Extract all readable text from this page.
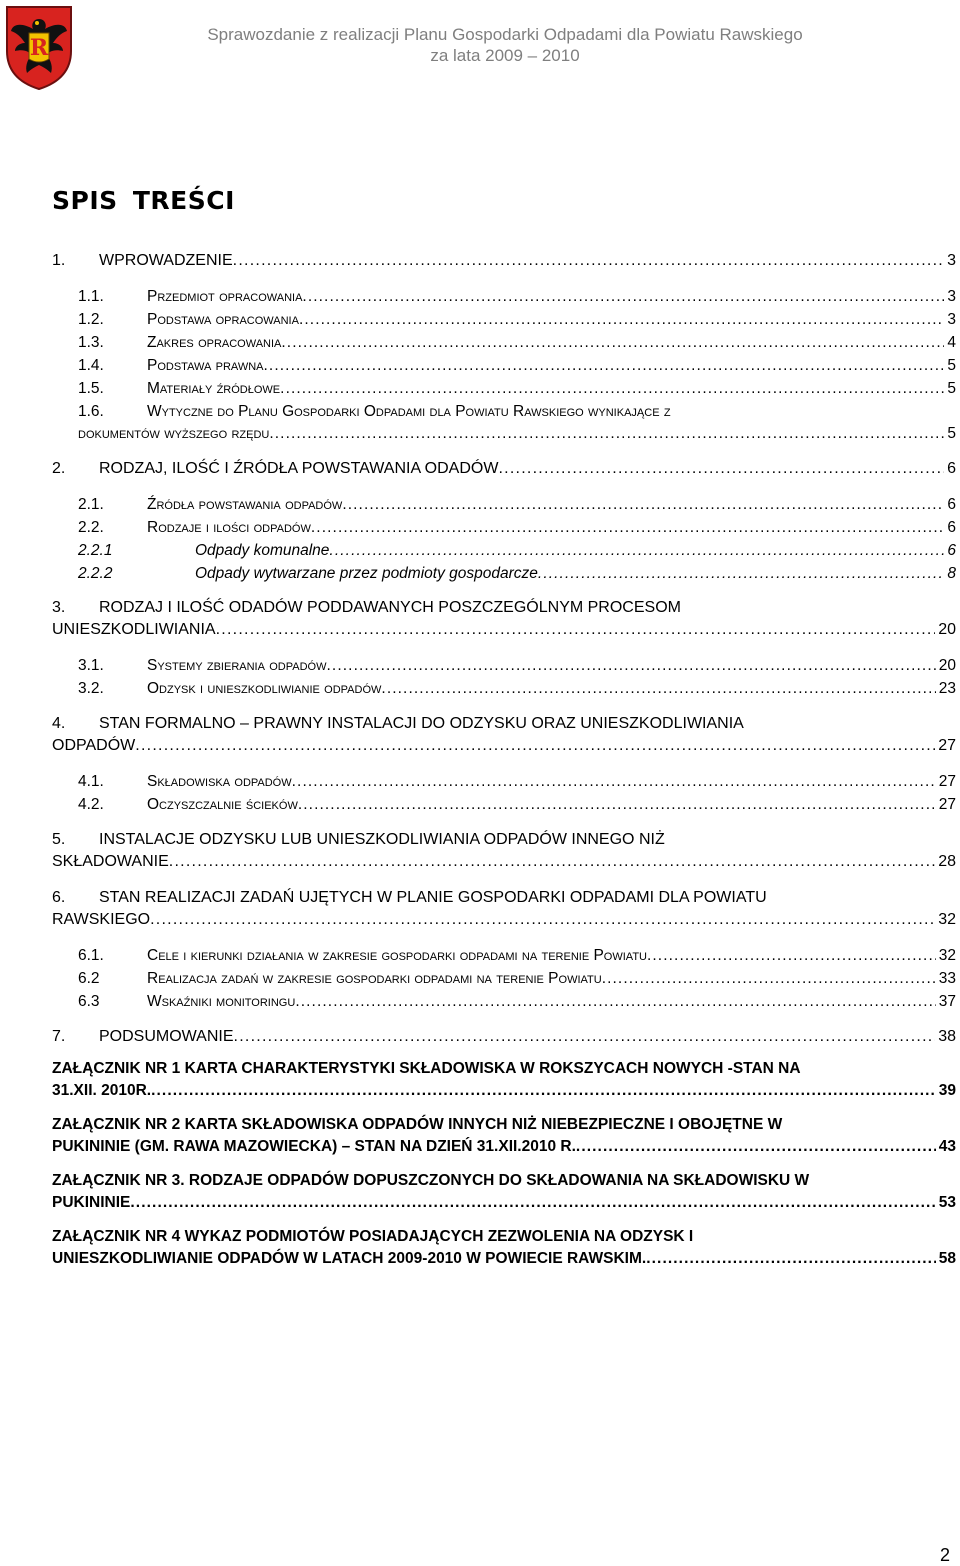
R
Sprawozdanie z realizacji Planu Gospodarki Odpadami dla Powiatu Rawskiego
za lata 2009 – 2010
SPIS TREŚCI
1.	WPROWADZENIE . . .	3
1.1.	Przedmiot opracowania . . .	3
1.2.	Podstawa opracowania . . .	3
1.3.	Zakres opracowania . . .	4
1.4.	Podstawa prawna . . .	5
1.5.	Materiały źródłowe . . .	5
1.6.	Wytyczne do Planu Gospodarki Odpadami dla Powiatu Rawskiego wynikające z
dokumentów wyższego rzędu . . .	5
2.	RODZAJ, ILOŚĆ I ŹRÓDŁA POWSTAWANIA ODADÓW . . .	6
2.1.	Źródła powstawania odpadów . . .	6
2.2.	Rodzaje i ilości odpadów . . .	6
2.2.1	Odpady komunalne . . .	6
2.2.2	Odpady wytwarzane przez podmioty gospodarcze . . .	8
3. RODZAJ I ILOŚĆ ODADÓW PODDAWANYCH POSZCZEGÓLNYM PROCESOM
UNIESZKODLIWIANIA . . .	20
3.1.	Systemy zbierania odpadów . . .	20
3.2.	Odzysk i unieszkodliwianie odpadów . . .	23
4. STAN FORMALNO – PRAWNY INSTALACJI DO ODZYSKU ORAZ UNIESZKODLIWIANIA
ODPADÓW . . .	27
4.1.	Składowiska odpadów . . .	27
4.2.	Oczyszczalnie ścieków . . .	27
5. INSTALACJE ODZYSKU LUB UNIESZKODLIWIANIA ODPADÓW INNEGO NIŻ
SKŁADOWANIE . . .	28
6. STAN REALIZACJI ZADAŃ UJĘTYCH W PLANIE GOSPODARKI ODPADAMI DLA POWIATU
RAWSKIEGO . . .	32
6.1.	Cele i kierunki działania w zakresie gospodarki odpadami na terenie Powiatu . . .	32
6.2	Realizacja zadań w zakresie gospodarki odpadami na terenie Powiatu . . .	33
6.3	Wskaźniki monitoringu . . .	37
7.	PODSUMOWANIE . . .	38
ZAŁĄCZNIK NR 1 KARTA CHARAKTERYSTYKI SKŁADOWISKA W ROKSZYCACH NOWYCH -STAN NA
31.XII. 2010R. . . .	39
ZAŁĄCZNIK NR 2 KARTA SKŁADOWISKA ODPADÓW INNYCH NIŻ NIEBEZPIECZNE I OBOJĘTNE W
PUKININIE (GM. RAWA MAZOWIECKA) – STAN NA DZIEŃ 31.XII.2010 R. . . .	43
ZAŁĄCZNIK NR 3. RODZAJE ODPADÓW DOPUSZCZONYCH DO SKŁADOWANIA NA SKŁADOWISKU W
PUKININIE . . .	53
ZAŁĄCZNIK NR 4 WYKAZ PODMIOTÓW POSIADAJĄCYCH ZEZWOLENIA NA ODZYSK I
UNIESZKODLIWIANIE ODPADÓW W LATACH 2009-2010 W POWIECIE RAWSKIM. . . .	58
2
